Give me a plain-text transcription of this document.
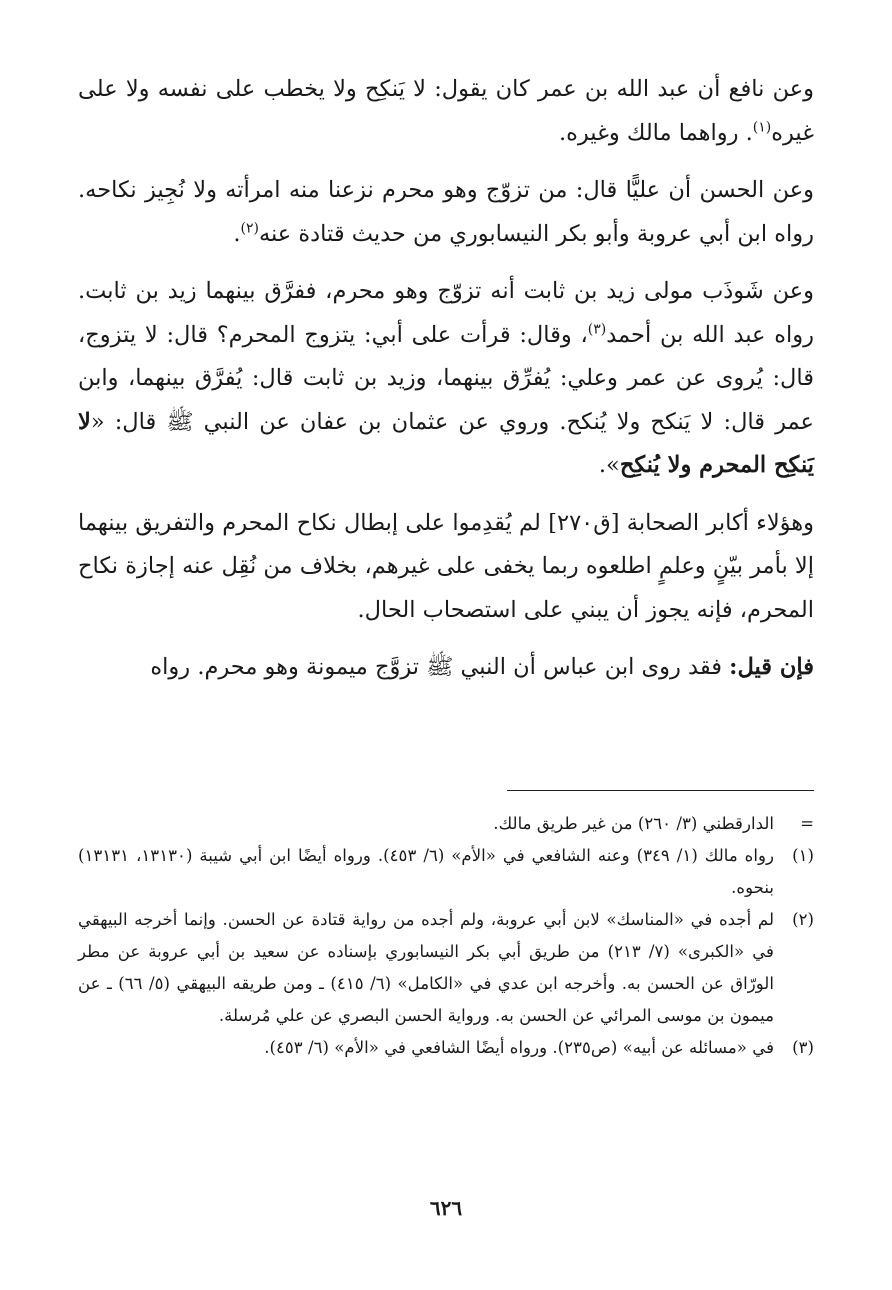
وعن نافع أن عبد الله بن عمر كان يقول: لا يَنكِح ولا يخطب على نفسه ولا على غيره$^{(١)}$. رواهما مالك وغيره.

وعن الحسن أن عليًّا قال: من تزوّج وهو محرم نزعنا منه امرأته ولا نُجِيز نكاحه. رواه ابن أبي عروبة وأبو بكر النيسابوري من حديث قتادة عنه$^{(٢)}$.

وعن شَوذَب مولى زيد بن ثابت أنه تزوّج وهو محرم، ففرَّق بينهما زيد بن ثابت. رواه عبد الله بن أحمد$^{(٣)}$، وقال: قرأت على أبي: يتزوج المحرم؟ قال: لا يتزوج، قال: يُروى عن عمر وعلي: يُفرِّق بينهما، وزيد بن ثابت قال: يُفرَّق بينهما، وابن عمر قال: لا يَنكح ولا يُنكح. وروي عن عثمان بن عفان عن النبي ﷺ قال: «لا يَنكِح المحرم ولا يُنكِح».

وهؤلاء أكابر الصحابة [ق٢٧٠] لم يُقدِموا على إبطال نكاح المحرم والتفريق بينهما إلا بأمر بيّنٍ وعلمٍ اطلعوه ربما يخفى على غيرهم، بخلاف من نُقِل عنه إجازة نكاح المحرم، فإنه يجوز أن يبني على استصحاب الحال.

فإن قيل: فقد روى ابن عباس أن النبي ﷺ تزوَّج ميمونة وهو محرم. رواه

=
الدارقطني (٣/ ٢٦٠) من غير طريق مالك.
(١)
رواه مالك (١/ ٣٤٩) وعنه الشافعي في «الأم» (٦/ ٤٥٣). ورواه أيضًا ابن أبي شيبة (١٣١٣٠، ١٣١٣١) بنحوه.
(٢)
لم أجده في «المناسك» لابن أبي عروبة، ولم أجده من رواية قتادة عن الحسن. وإنما أخرجه البيهقي في «الكبرى» (٧/ ٢١٣) من طريق أبي بكر النيسابوري بإسناده عن سعيد بن أبي عروبة عن مطر الورّاق عن الحسن به. وأخرجه ابن عدي في «الكامل» (٦/ ٤١٥) ـ ومن طريقه البيهقي (٥/ ٦٦) ـ عن ميمون بن موسى المرائي عن الحسن به. ورواية الحسن البصري عن علي مُرسلة.
(٣)
في «مسائله عن أبيه» (ص٢٣٥). ورواه أيضًا الشافعي في «الأم» (٦/ ٤٥٣).
٦٢٦
